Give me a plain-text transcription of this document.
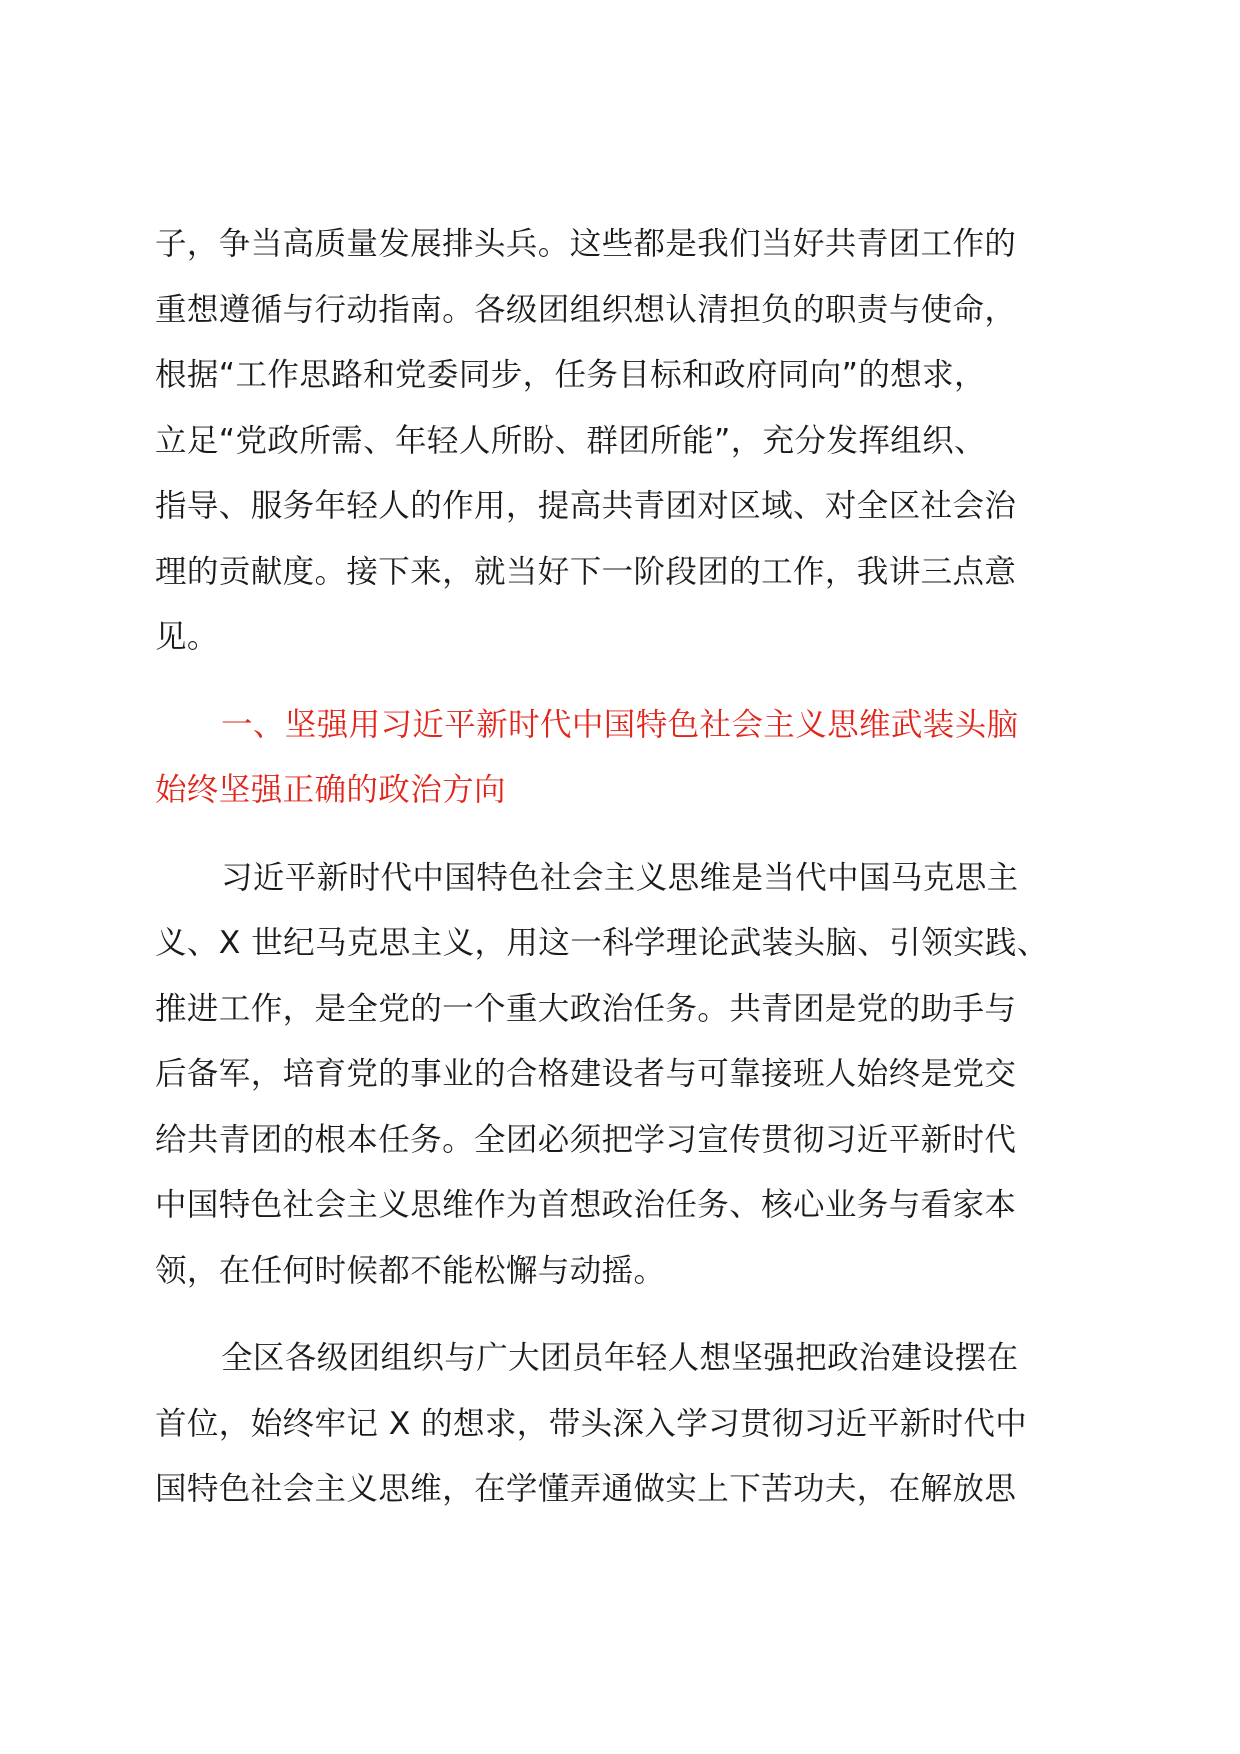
子，争当高质量发展排头兵。这些都是我们当好共青团工作的
重想遵循与行动指南。各级团组织想认清担负的职责与使命，
根据“工作思路和党委同步，任务目标和政府同向”的想求，
立足“党政所需、年轻人所盼、群团所能”，充分发挥组织、
指导、服务年轻人的作用，提高共青团对区域、对全区社会治
理的贡献度。接下来，就当好下一阶段团的工作，我讲三点意
见。

一、坚强用习近平新时代中国特色社会主义思维武装头脑
始终坚强正确的政治方向

习近平新时代中国特色社会主义思维是当代中国马克思主
义、X 世纪马克思主义，用这一科学理论武装头脑、引领实践、
推进工作，是全党的一个重大政治任务。共青团是党的助手与
后备军，培育党的事业的合格建设者与可靠接班人始终是党交
给共青团的根本任务。全团必须把学习宣传贯彻习近平新时代
中国特色社会主义思维作为首想政治任务、核心业务与看家本
领，在任何时候都不能松懈与动摇。

全区各级团组织与广大团员年轻人想坚强把政治建设摆在
首位，始终牢记 X 的想求，带头深入学习贯彻习近平新时代中
国特色社会主义思维，在学懂弄通做实上下苦功夫，在解放思
